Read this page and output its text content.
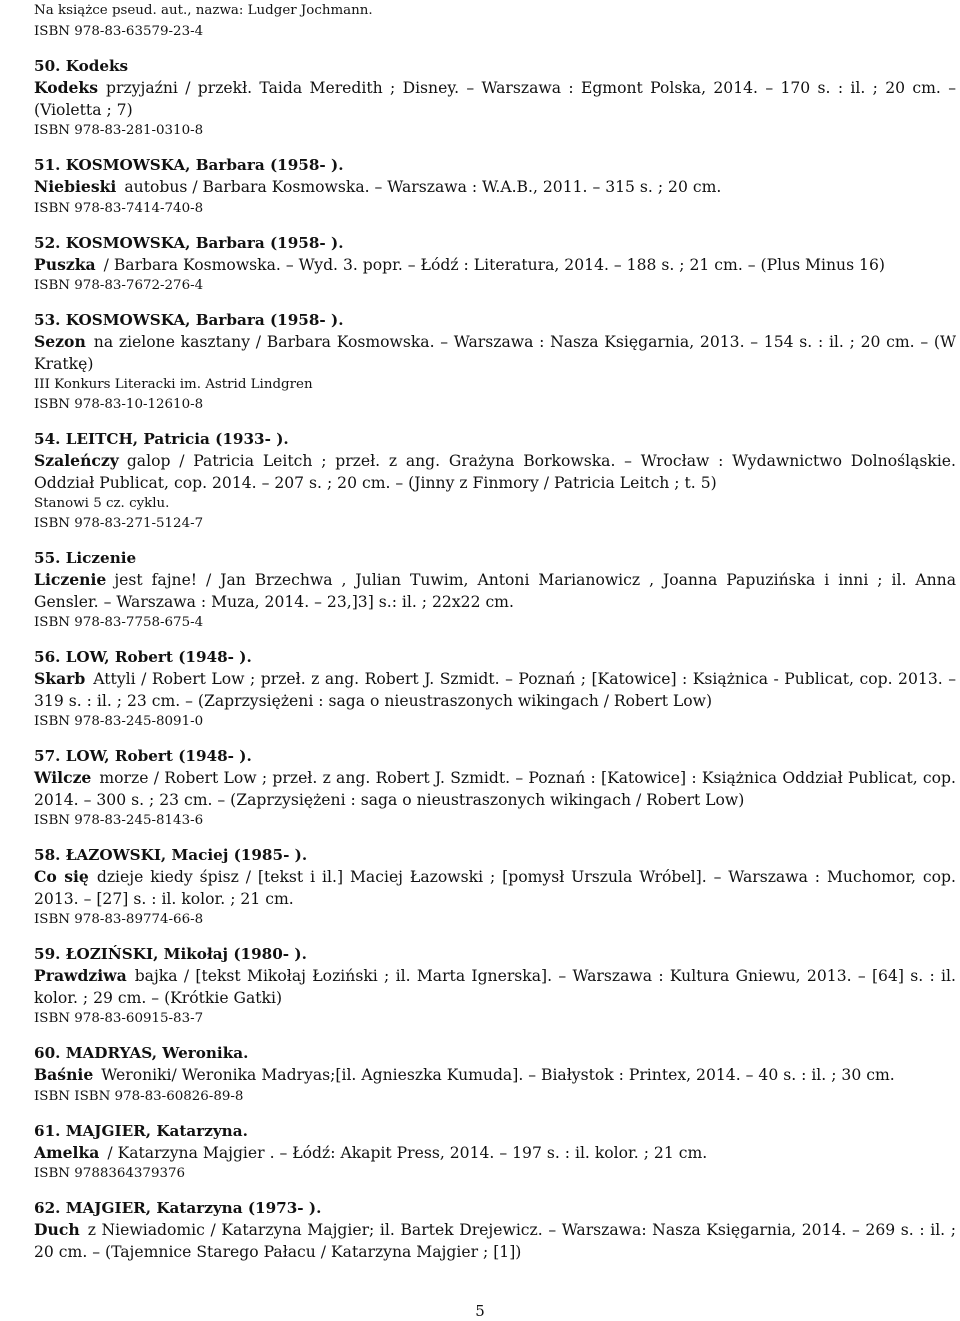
Na książce pseud. aut., nazwa: Ludger Jochmann.
ISBN 978-83-63579-23-4
50. Kodeks
Kodeks przyjaźni / przekł. Taida Meredith ; Disney. – Warszawa : Egmont Polska, 2014. – 170 s. : il. ; 20 cm. – (Violetta ; 7)
ISBN 978-83-281-0310-8
51. KOSMOWSKA, Barbara (1958- ).
Niebieski autobus / Barbara Kosmowska. – Warszawa : W.A.B., 2011. – 315 s. ; 20 cm.
ISBN 978-83-7414-740-8
52. KOSMOWSKA, Barbara (1958- ).
Puszka / Barbara Kosmowska. – Wyd. 3. popr. – Łódź : Literatura, 2014. – 188 s. ; 21 cm. – (Plus Minus 16)
ISBN 978-83-7672-276-4
53. KOSMOWSKA, Barbara (1958- ).
Sezon na zielone kasztany / Barbara Kosmowska. – Warszawa : Nasza Księgarnia, 2013. – 154 s. : il. ; 20 cm. – (W Kratkę)
III Konkurs Literacki im. Astrid Lindgren
ISBN 978-83-10-12610-8
54. LEITCH, Patricia (1933- ).
Szaleńczy galop / Patricia Leitch ; przeł. z ang. Grażyna Borkowska. – Wrocław : Wydawnictwo Dolnośląskie. Oddział Publicat, cop. 2014. – 207 s. ; 20 cm. – (Jinny z Finmory / Patricia Leitch ; t. 5)
Stanowi 5 cz. cyklu.
ISBN 978-83-271-5124-7
55. Liczenie
Liczenie jest fajne! / Jan Brzechwa , Julian Tuwim, Antoni Marianowicz , Joanna Papuzińska i inni ; il. Anna Gensler. – Warszawa : Muza, 2014. – 23,]3] s.: il. ; 22x22 cm.
ISBN 978-83-7758-675-4
56. LOW, Robert (1948- ).
Skarb Attyli / Robert Low ; przeł. z ang. Robert J. Szmidt. – Poznań ; [Katowice] : Książnica - Publicat, cop. 2013. – 319 s. : il. ; 23 cm. – (Zaprzysiężeni : saga o nieustraszonych wikingach / Robert Low)
ISBN 978-83-245-8091-0
57. LOW, Robert (1948- ).
Wilcze morze / Robert Low ; przeł. z ang. Robert J. Szmidt. – Poznań : [Katowice] : Książnica Oddział Publicat, cop. 2014. – 300 s. ; 23 cm. – (Zaprzysiężeni : saga o nieustraszonych wikingach / Robert Low)
ISBN 978-83-245-8143-6
58. ŁAZOWSKI, Maciej (1985- ).
Co się dzieje kiedy śpisz / [tekst i il.] Maciej Łazowski ; [pomysł Urszula Wróbel]. – Warszawa : Muchomor, cop. 2013. – [27] s. : il. kolor. ; 21 cm.
ISBN 978-83-89774-66-8
59. ŁOZIŃSKI, Mikołaj (1980- ).
Prawdziwa bajka / [tekst Mikołaj Łoziński ; il. Marta Ignerska]. – Warszawa : Kultura Gniewu, 2013. – [64] s. : il. kolor. ; 29 cm. – (Krótkie Gatki)
ISBN 978-83-60915-83-7
60. MADRYAS, Weronika.
Baśnie Weroniki/ Weronika Madryas;[il. Agnieszka Kumuda]. – Białystok : Printex, 2014. – 40 s. : il. ; 30 cm.
ISBN ISBN 978-83-60826-89-8
61. MAJGIER, Katarzyna.
Amelka / Katarzyna Majgier . – Łódź: Akapit Press, 2014. – 197 s. : il. kolor. ; 21 cm.
ISBN 9788364379376
62. MAJGIER, Katarzyna (1973- ).
Duch z Niewiadomic / Katarzyna Majgier; il. Bartek Drejewicz. – Warszawa: Nasza Księgarnia, 2014. – 269 s. : il. ; 20 cm. – (Tajemnice Starego Pałacu / Katarzyna Majgier ; [1])
5
